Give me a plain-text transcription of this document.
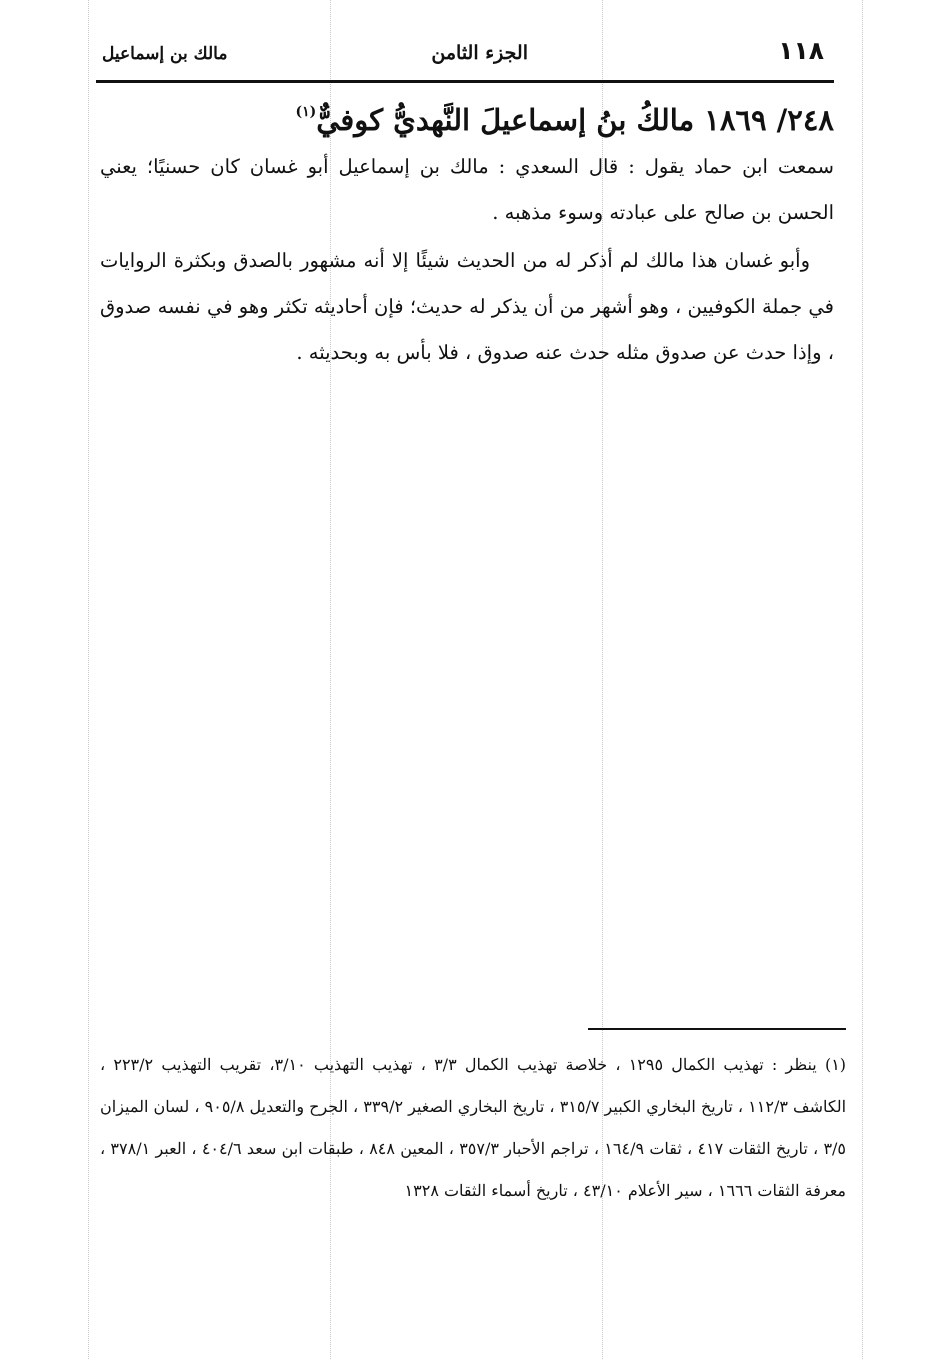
١١٨
الجزء الثامن
مالك بن إسماعيل
٢٤٨/ ١٨٦٩ مالكُ بنُ إسماعيلَ النَّهديُّ كوفيٌّ$^{(١)}$

سمعت ابن حماد يقول : قال السعدي : مالك بن إسماعيل أبو غسان كان حسنيًا؛ يعني الحسن بن صالح على عبادته وسوء مذهبه .

وأبو غسان هذا مالك لم أذكر له من الحديث شيئًا إلا أنه مشهور بالصدق وبكثرة الروايات في جملة الكوفيين ، وهو أشهر من أن يذكر له حديث؛ فإن أحاديثه تكثر وهو في نفسه صدوق ، وإذا حدث عن صدوق مثله حدث عنه صدوق ، فلا بأس به وبحديثه .

(١) ينظر : تهذيب الكمال ١٢٩٥ ، خلاصة تهذيب الكمال ٣/٣ ، تهذيب التهذيب ٣/١٠، تقريب التهذيب ٢٢٣/٢ ، الكاشف ١١٢/٣ ، تاريخ البخاري الكبير ٣١٥/٧ ، تاريخ البخاري الصغير ٣٣٩/٢ ، الجرح والتعديل ٩٠٥/٨ ، لسان الميزان ٣/٥ ، تاريخ الثقات ٤١٧ ، ثقات ١٦٤/٩ ، تراجم الأحبار ٣٥٧/٣ ، المعين ٨٤٨ ، طبقات ابن سعد ٤٠٤/٦ ، العبر ٣٧٨/١ ، معرفة الثقات ١٦٦٦ ، سير الأعلام ٤٣/١٠ ، تاريخ أسماء الثقات ١٣٢٨
